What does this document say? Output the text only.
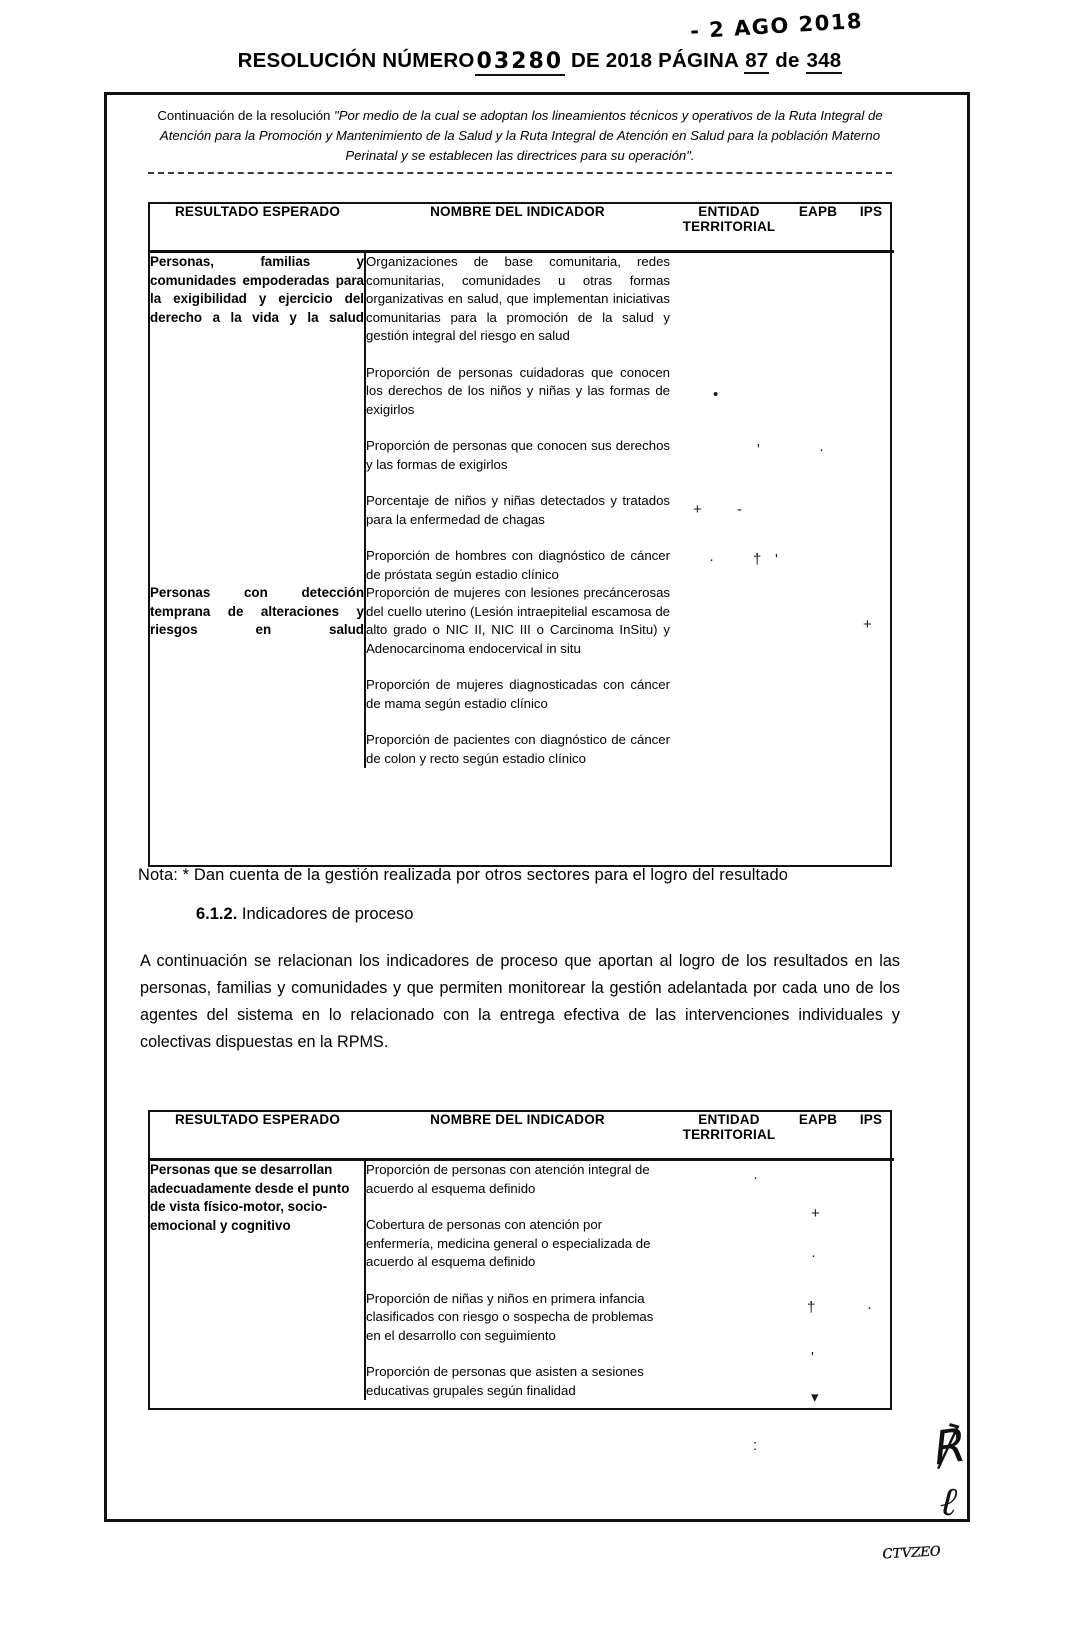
- 2 AGO 2018
RESOLUCIÓN NÚMERO03280 DE 2018 PÁGINA 87 de 348
Continuación de la resolución "Por medio de la cual se adoptan los lineamientos técnicos y operativos de la Ruta Integral de Atención para la Promoción y Mantenimiento de la Salud y la Ruta Integral de Atención en Salud para la población Materno Perinatal y se establecen las directrices para su operación".
RESULTADO ESPERADO	NOMBRE DEL INDICADOR	ENTIDAD TERRITORIAL	EAPB	IPS
Personas, familias y comunidades empoderadas para la exigibilidad y ejercicio del derecho a la vida y la salud	Organizaciones de base comunitaria, redes comunitarias, comunidades u otras formas organizativas en salud, que implementan iniciativas comunitarias para la promoción de la salud y gestión integral del riesgo en salud

Proporción de personas cuidadoras que conocen los derechos de los niños y niñas y las formas de exigirlos

Proporción de personas que conocen sus derechos y las formas de exigirlos

Porcentaje de niños y niñas detectados y tratados para la enfermedad de chagas

Proporción de hombres con diagnóstico de cáncer de próstata según estadio clínico			

Personas con detección temprana de alteraciones y riesgos en salud	Proporción de mujeres con lesiones precáncerosas del cuello uterino (Lesión intraepitelial escamosa de alto grado o NIC II, NIC III o Carcinoma InSitu) y Adenocarcinoma endocervical in situ

Proporción de mujeres diagnosticadas con cáncer de mama según estadio clínico

Proporción de pacientes con diagnóstico de cáncer de colon y recto según estadio clínico			

•
'
+ -
·	† '
·
+
Nota: * Dan cuenta de la gestión realizada por otros sectores para el logro del resultado
6.1.2. Indicadores de proceso
A continuación se relacionan los indicadores de proceso que aportan al logro de los resultados en las personas, familias y comunidades y que permiten monitorear la gestión adelantada por cada uno de los agentes del sistema en lo relacionado con la entrega efectiva de las intervenciones individuales y colectivas dispuestas en la RPMS.
RESULTADO ESPERADO	NOMBRE DEL INDICADOR	ENTIDAD TERRITORIAL	EAPB	IPS
Personas que se desarrollan adecuadamente desde el punto de vista físico-motor, socio-emocional y cognitivo	Proporción de personas con atención integral de acuerdo al esquema definido

Cobertura de personas con atención por enfermería, medicina general o especializada de acuerdo al esquema definido

Proporción de niñas y niños en primera infancia clasificados con riesgo o sospecha de problemas en el desarrollo con seguimiento

Proporción de personas que asisten a sesiones educativas grupales según finalidad			

·
+
·
†	·
'
▾
:	℟
ℓ
ᴄᴛᴠᴢᴇᴏ
